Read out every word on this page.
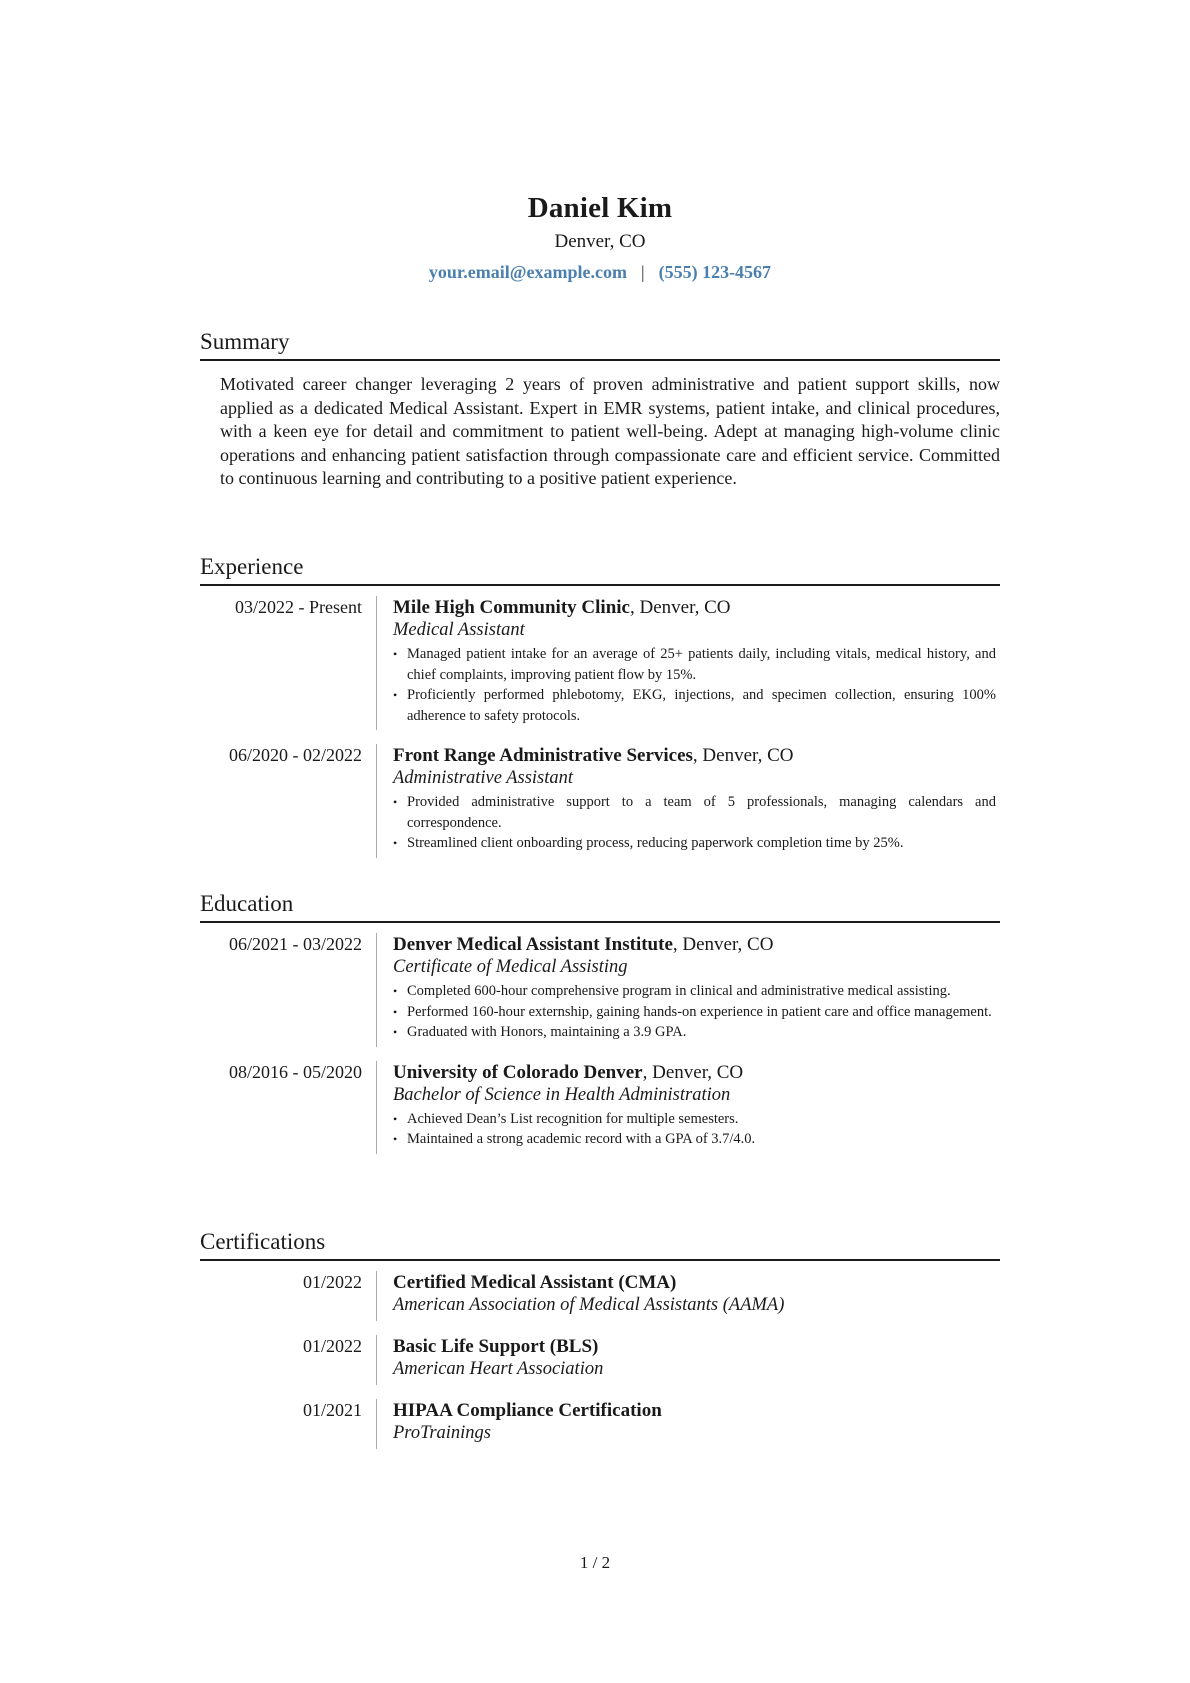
Daniel Kim
Denver, CO
your.email@example.com | (555) 123-4567
Summary
Motivated career changer leveraging 2 years of proven administrative and patient support skills, now applied as a dedicated Medical Assistant. Expert in EMR systems, patient intake, and clinical procedures, with a keen eye for detail and commitment to patient well-being. Adept at managing high-volume clinic operations and enhancing patient satisfaction through compassionate care and efficient service. Committed to continuous learning and contributing to a positive patient experience.
Experience
03/2022 - Present	Mile High Community Clinic, Denver, CO
Medical Assistant
• Managed patient intake for an average of 25+ patients daily, including vitals, medical history, and chief complaints, improving patient flow by 15%.
• Proficiently performed phlebotomy, EKG, injections, and specimen collection, ensuring 100% adherence to safety protocols.
06/2020 - 02/2022	Front Range Administrative Services, Denver, CO
Administrative Assistant
• Provided administrative support to a team of 5 professionals, managing calendars and correspondence.
• Streamlined client onboarding process, reducing paperwork completion time by 25%.
Education
06/2021 - 03/2022	Denver Medical Assistant Institute, Denver, CO
Certificate of Medical Assisting
• Completed 600-hour comprehensive program in clinical and administrative medical assisting.
• Performed 160-hour externship, gaining hands-on experience in patient care and office management.
• Graduated with Honors, maintaining a 3.9 GPA.
08/2016 - 05/2020	University of Colorado Denver, Denver, CO
Bachelor of Science in Health Administration
• Achieved Dean’s List recognition for multiple semesters.
• Maintained a strong academic record with a GPA of 3.7/4.0.
Certifications
01/2022	Certified Medical Assistant (CMA)
American Association of Medical Assistants (AAMA)
01/2022	Basic Life Support (BLS)
American Heart Association
01/2021	HIPAA Compliance Certification
ProTrainings
1 / 2
